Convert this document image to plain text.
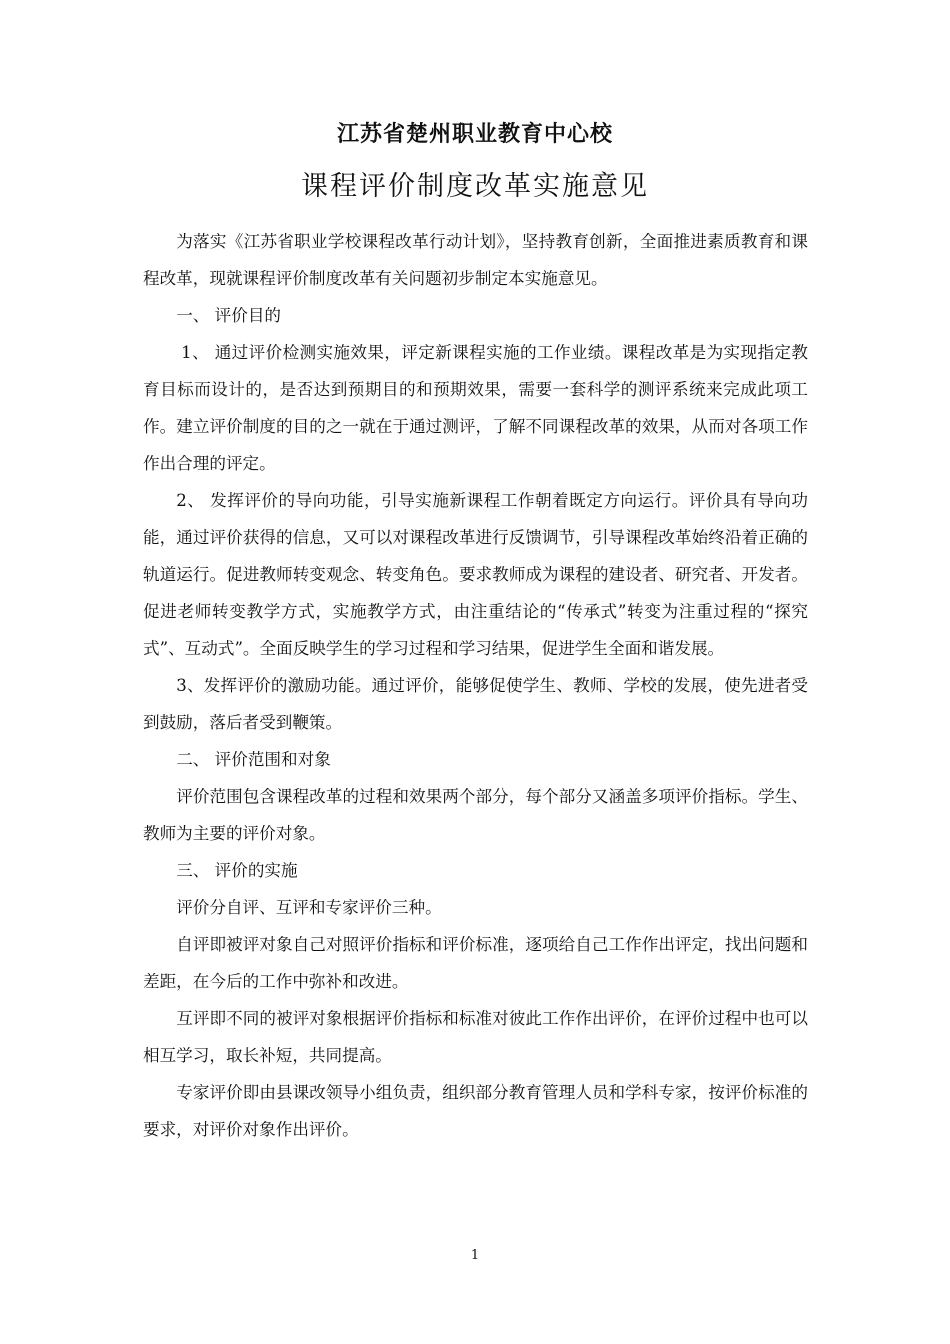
江苏省楚州职业教育中心校
课程评价制度改革实施意见

为落实《江苏省职业学校课程改革行动计划》，坚持教育创新，全面推进素质教育和课程改革，现就课程评价制度改革有关问题初步制定本实施意见。

一、 评价目的

1、 通过评价检测实施效果，评定新课程实施的工作业绩。课程改革是为实现指定教育目标而设计的，是否达到预期目的和预期效果，需要一套科学的测评系统来完成此项工作。建立评价制度的目的之一就在于通过测评，了解不同课程改革的效果，从而对各项工作作出合理的评定。

2、 发挥评价的导向功能，引导实施新课程工作朝着既定方向运行。评价具有导向功能，通过评价获得的信息，又可以对课程改革进行反馈调节，引导课程改革始终沿着正确的轨道运行。促进教师转变观念、转变角色。要求教师成为课程的建设者、研究者、开发者。促进老师转变教学方式，实施教学方式，由注重结论的“传承式”转变为注重过程的“探究式”、互动式”。全面反映学生的学习过程和学习结果，促进学生全面和谐发展。

3、发挥评价的激励功能。通过评价，能够促使学生、教师、学校的发展，使先进者受到鼓励，落后者受到鞭策。

二、 评价范围和对象

评价范围包含课程改革的过程和效果两个部分，每个部分又涵盖多项评价指标。学生、教师为主要的评价对象。

三、 评价的实施

评价分自评、互评和专家评价三种。

自评即被评对象自己对照评价指标和评价标准，逐项给自己工作作出评定，找出问题和差距，在今后的工作中弥补和改进。

互评即不同的被评对象根据评价指标和标准对彼此工作作出评价，在评价过程中也可以相互学习，取长补短，共同提高。

专家评价即由县课改领导小组负责，组织部分教育管理人员和学科专家，按评价标准的要求，对评价对象作出评价。

1
